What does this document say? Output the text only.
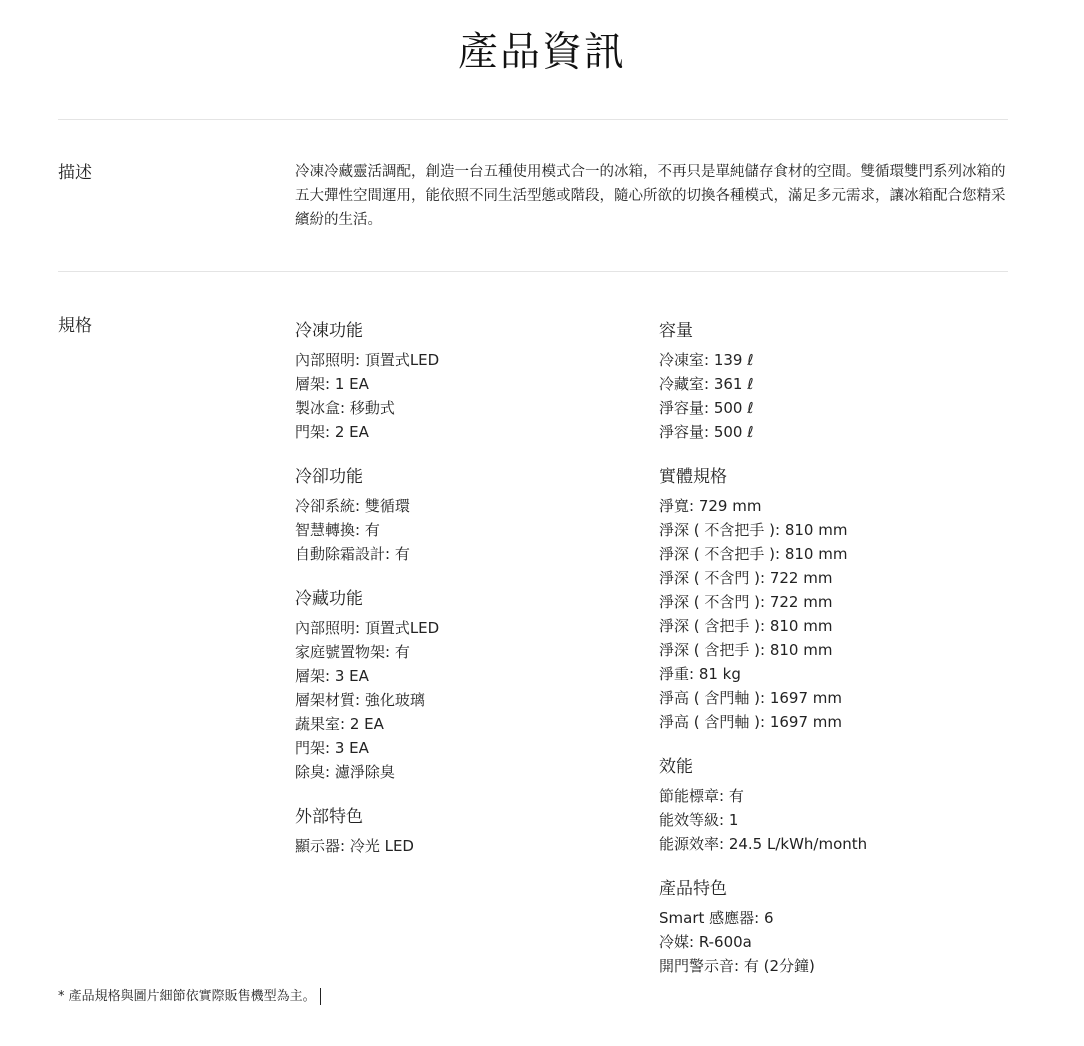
產品資訊
描述	冷凍冷藏靈活調配，創造一台五種使用模式合一的冰箱，不再只是單純儲存食材的空間。雙循環雙門系列冰箱的五大彈性空間運用，能依照不同生活型態或階段，隨心所欲的切換各種模式，滿足多元需求，讓冰箱配合您精采繽紛的生活。
規格	冷凍功能
內部照明: 頂置式LED
層架: 1 EA
製冰盒: 移動式
門架: 2 EA
冷卻功能
冷卻系統: 雙循環
智慧轉換: 有
自動除霜設計: 有
冷藏功能
內部照明: 頂置式LED
家庭號置物架: 有
層架: 3 EA
層架材質: 強化玻璃
蔬果室: 2 EA
門架: 3 EA
除臭: 濾淨除臭
外部特色
顯示器: 冷光 LED
容量
冷凍室: 139 ℓ
冷藏室: 361 ℓ
淨容量: 500 ℓ
淨容量: 500 ℓ
實體規格
淨寬: 729 mm
淨深 ( 不含把手 ): 810 mm
淨深 ( 不含把手 ): 810 mm
淨深 ( 不含門 ): 722 mm
淨深 ( 不含門 ): 722 mm
淨深 ( 含把手 ): 810 mm
淨深 ( 含把手 ): 810 mm
淨重: 81 kg
淨高 ( 含門軸 ): 1697 mm
淨高 ( 含門軸 ): 1697 mm
效能
節能標章: 有
能效等級: 1
能源效率: 24.5 L/kWh/month
產品特色
Smart 感應器: 6
冷媒: R-600a
開門警示音: 有 (2分鐘)
* 產品規格與圖片細節依實際販售機型為主。
